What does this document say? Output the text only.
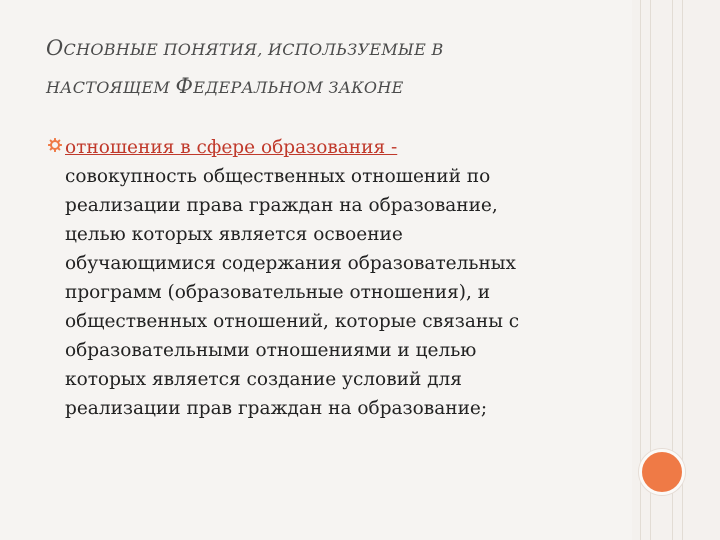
ОСНОВНЫЕ ПОНЯТИЯ, ИСПОЛЬЗУЕМЫЕ В
НАСТОЯЩЕМ ФЕДЕРАЛЬНОМ ЗАКОНЕ
отношения в сфере образования -
совокупность общественных отношений по
реализации права граждан на образование,
целью которых является освоение
обучающимися содержания образовательных
программ (образовательные отношения), и
общественных отношений, которые связаны с
образовательными отношениями и целью
которых является создание условий для
реализации прав граждан на образование;
